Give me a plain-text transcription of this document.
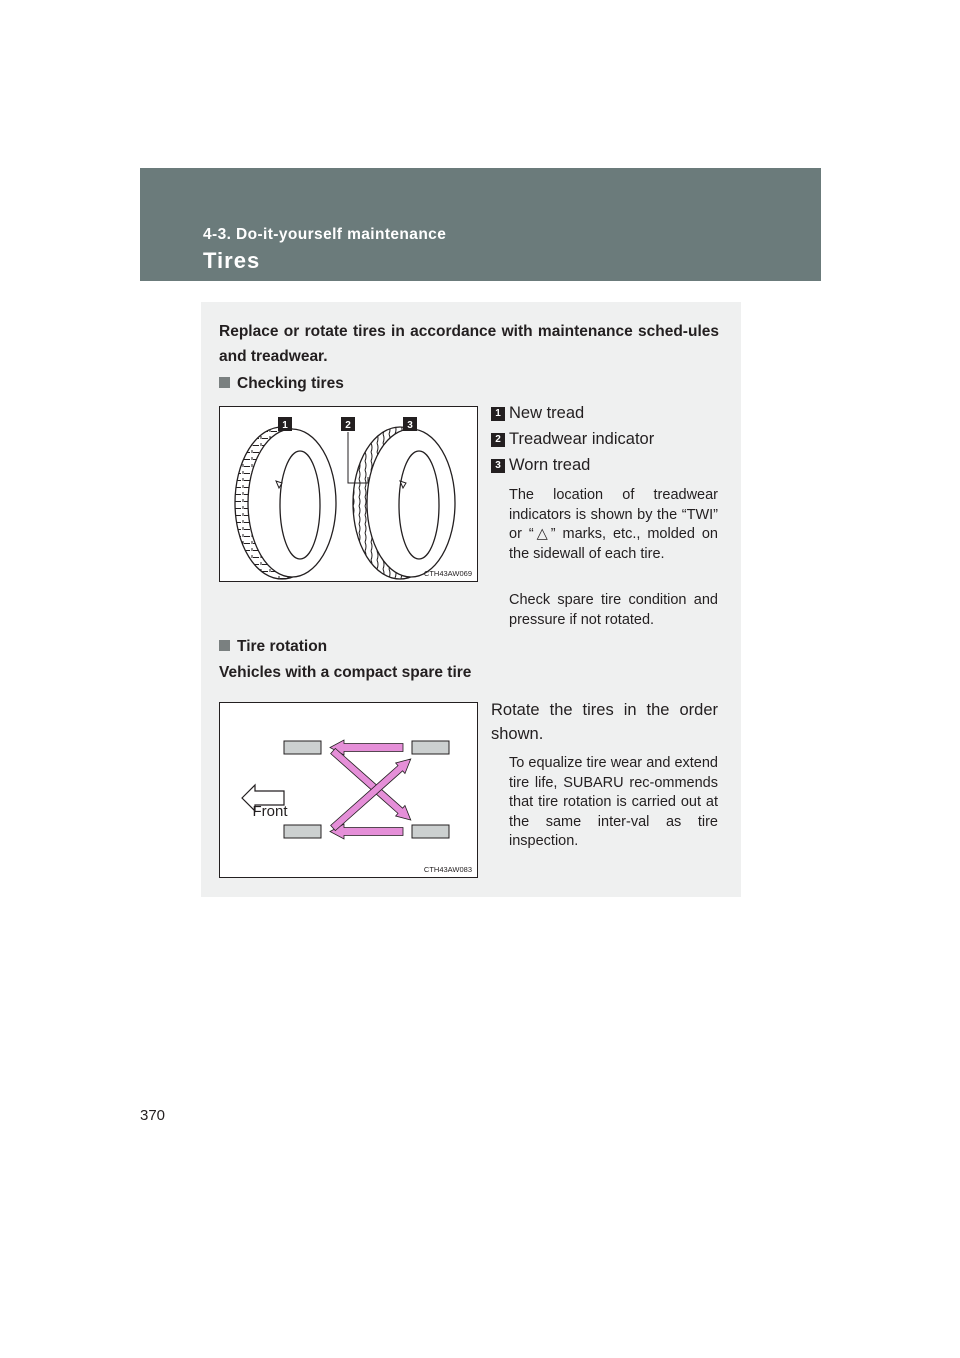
4-3. Do-it-yourself maintenance
Tires
Replace or rotate tires in accordance with maintenance sched-ules and treadwear.
Checking tires
1	2	3
CTH43AW069
1 New tread
2 Treadwear indicator
3 Worn tread
The location of treadwear indicators is shown by the “TWI” or “△” marks, etc., molded on the sidewall of each tire.
Check spare tire condition and pressure if not rotated.
Tire rotation
Vehicles with a compact spare tire
Front
CTH43AW083
Rotate the tires in the order shown.
To equalize tire wear and extend tire life, SUBARU rec-ommends that tire rotation is carried out at the same inter-val as tire inspection.
370
